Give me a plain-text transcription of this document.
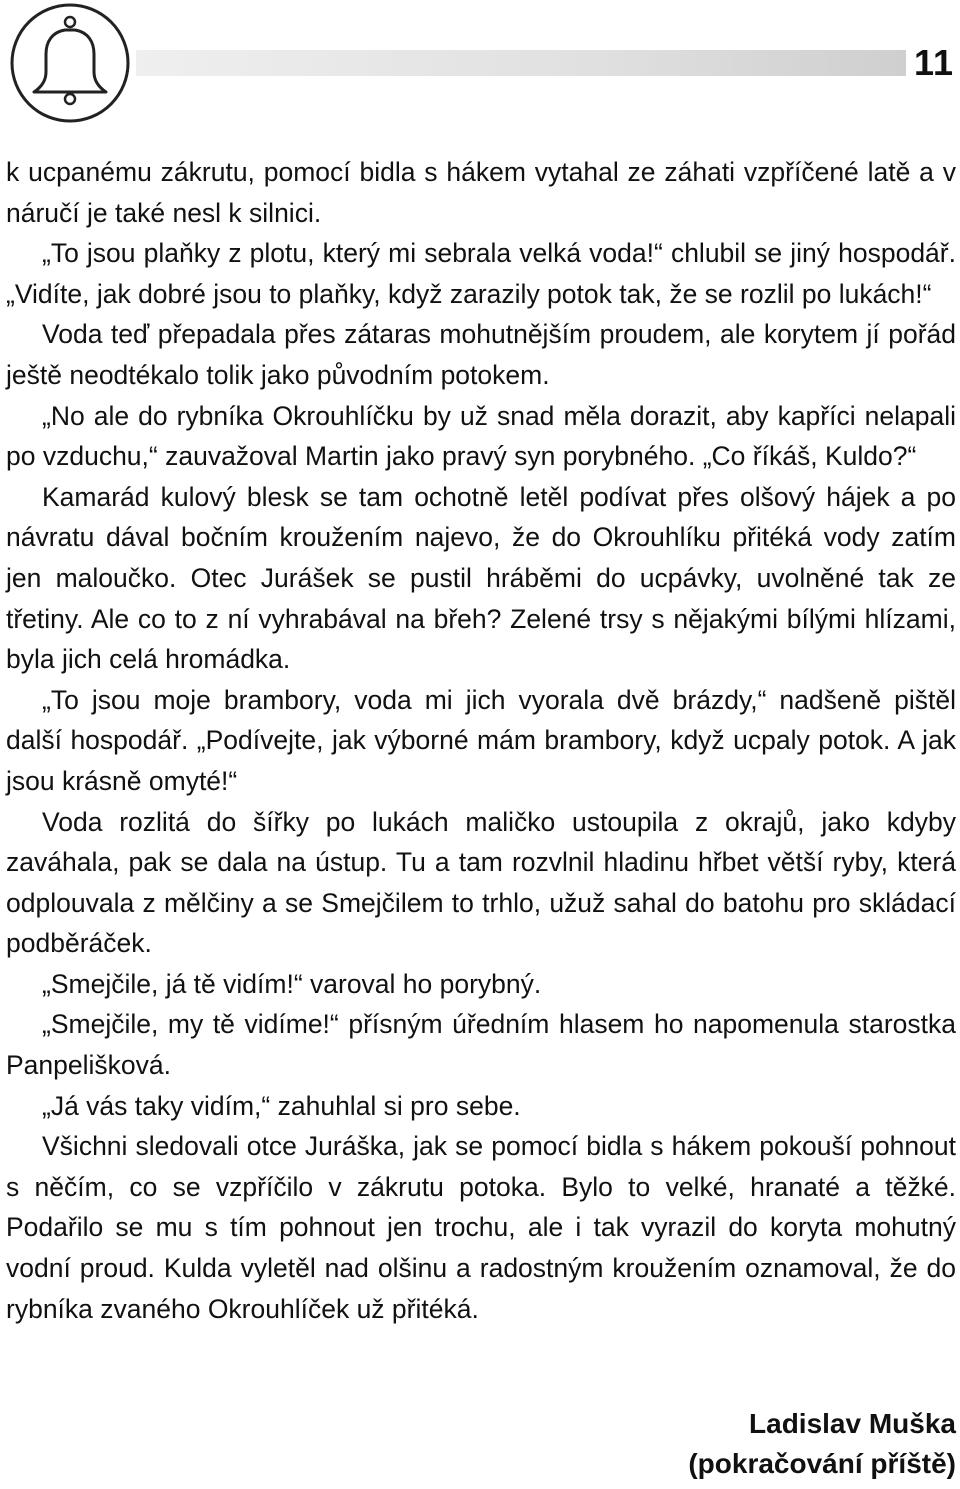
11

k ucpanému zákrutu, pomocí bidla s hákem vytahal ze záhati vzpříčené latě a v náručí je také nesl k silnici.

„To jsou plaňky z plotu, který mi sebrala velká voda!“ chlubil se jiný hospodář. „Vidíte, jak dobré jsou to plaňky, když zarazily potok tak, že se rozlil po lukách!“

Voda teď přepadala přes zátaras mohutnějším proudem, ale korytem jí pořád ještě neodtékalo tolik jako původním potokem.

„No ale do rybníka Okrouhlíčku by už snad měla dorazit, aby kapříci nelapali po vzduchu,“ zauvažoval Martin jako pravý syn porybného. „Co říkáš, Kuldo?“

Kamarád kulový blesk se tam ochotně letěl podívat přes olšový hájek a po návratu dával bočním kroužením najevo, že do Okrouhlíku přitéká vody zatím jen maloučko. Otec Jurášek se pustil hráběmi do ucpávky, uvolněné tak ze třetiny. Ale co to z ní vyhrabával na břeh? Zelené trsy s nějakými bílými hlízami, byla jich celá hromádka.

„To jsou moje brambory, voda mi jich vyorala dvě brázdy,“ nadšeně pištěl další hospodář. „Podívejte, jak výborné mám brambory, když ucpaly potok. A jak jsou krásně omyté!“

Voda rozlitá do šířky po lukách maličko ustoupila z okrajů, jako kdyby zaváhala, pak se dala na ústup. Tu a tam rozvlnil hladinu hřbet větší ryby, která odplouvala z mělčiny a se Smejčilem to trhlo, užuž sahal do batohu pro skládací podběráček.

„Smejčile, já tě vidím!“ varoval ho porybný.

„Smejčile, my tě vidíme!“ přísným úředním hlasem ho napomenula starostka Panpelišková.

„Já vás taky vidím,“ zahuhlal si pro sebe.

Všichni sledovali otce Juráška, jak se pomocí bidla s hákem pokouší pohnout s něčím, co se vzpříčilo v zákrutu potoka. Bylo to velké, hranaté a těžké. Podařilo se mu s tím pohnout jen trochu, ale i tak vyrazil do koryta mohutný vodní proud. Kulda vyletěl nad olšinu a radostným kroužením oznamoval, že do rybníka zvaného Okrouhlíček už přitéká.

Ladislav Muška
(pokračování příště)
